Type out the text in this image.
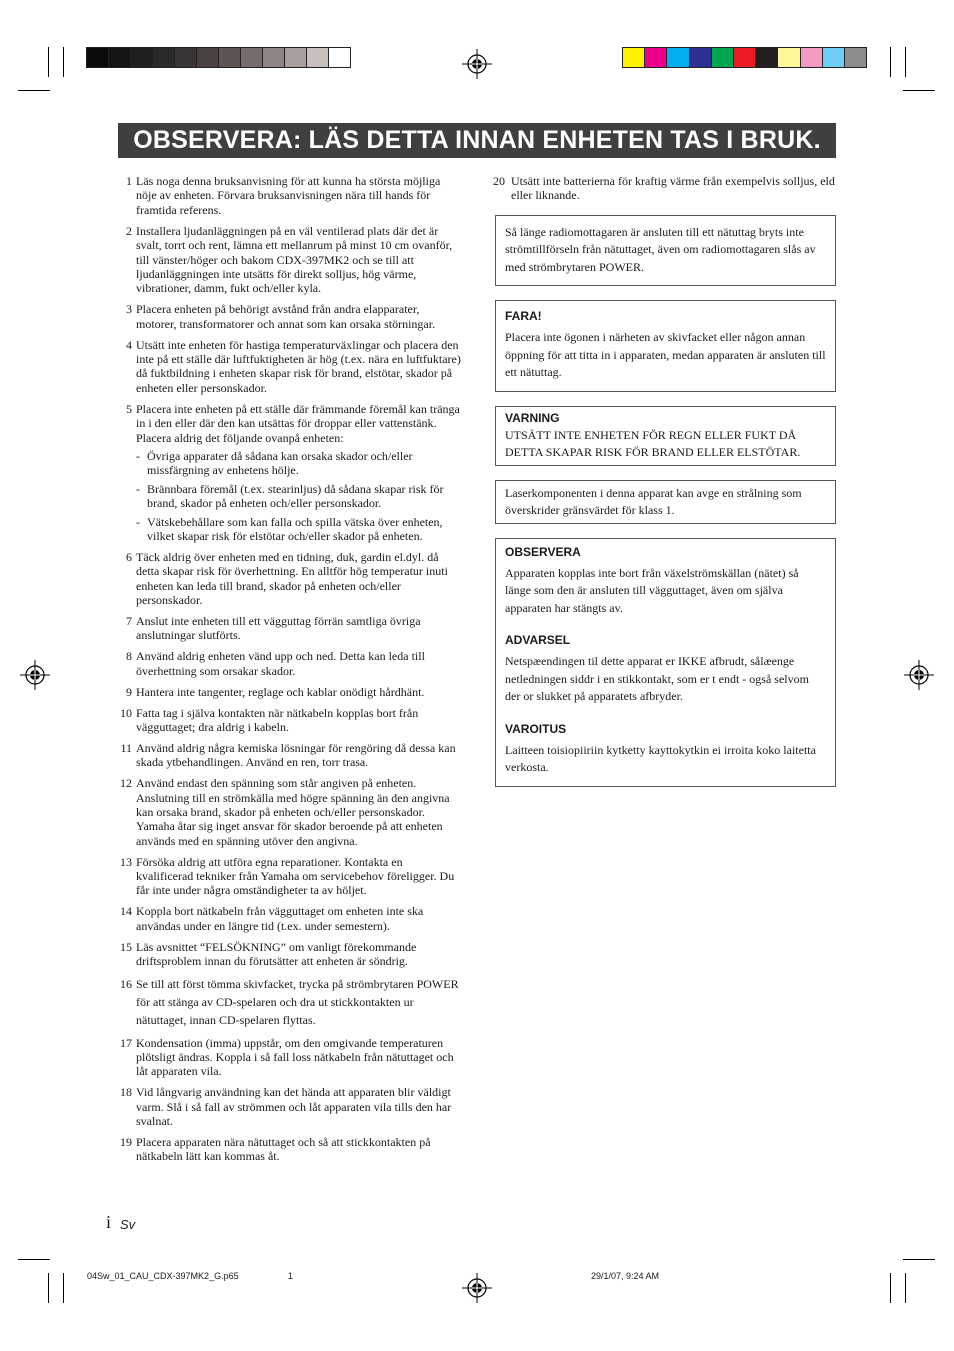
OBSERVERA: LÄS DETTA INNAN ENHETEN TAS I BRUK.
1 Läs noga denna bruksanvisning för att kunna ha största möjliga nöje av enheten. Förvara bruksanvisningen nära till hands för framtida referens.
2 Installera ljudanläggningen på en väl ventilerad plats där det är svalt, torrt och rent, lämna ett mellanrum på minst 10 cm ovanför, till vänster/höger och bakom CDX-397MK2 och se till att ljudanläggningen inte utsätts för direkt solljus, hög värme, vibrationer, damm, fukt och/eller kyla.
3 Placera enheten på behörigt avstånd från andra elapparater, motorer, transformatorer och annat som kan orsaka störningar.
4 Utsätt inte enheten för hastiga temperaturväxlingar och placera den inte på ett ställe där luftfuktigheten är hög (t.ex. nära en luftfuktare) då fuktbildning i enheten skapar risk för brand, elstötar, skador på enheten eller personskador.
5 Placera inte enheten på ett ställe där främmande föremål kan tränga in i den eller där den kan utsättas för droppar eller vattenstänk. Placera aldrig det följande ovanpå enheten:
- Övriga apparater då sådana kan orsaka skador och/eller missfärgning av enhetens hölje.
- Brännbara föremål (t.ex. stearinljus) då sådana skapar risk för brand, skador på enheten och/eller personskador.
- Vätskebehållare som kan falla och spilla vätska över enheten, vilket skapar risk för elstötar och/eller skador på enheten.
6 Täck aldrig över enheten med en tidning, duk, gardin el.dyl. då detta skapar risk för överhettning. En alltför hög temperatur inuti enheten kan leda till brand, skador på enheten och/eller personskador.
7 Anslut inte enheten till ett vägguttag förrän samtliga övriga anslutningar slutförts.
8 Använd aldrig enheten vänd upp och ned. Detta kan leda till överhettning som orsakar skador.
9 Hantera inte tangenter, reglage och kablar onödigt hårdhänt.
10 Fatta tag i själva kontakten när nätkabeln kopplas bort från vägguttaget; dra aldrig i kabeln.
11 Använd aldrig några kemiska lösningar för rengöring då dessa kan skada ytbehandlingen. Använd en ren, torr trasa.
12 Använd endast den spänning som står angiven på enheten. Anslutning till en strömkälla med högre spänning än den angivna kan orsaka brand, skador på enheten och/eller personskador. Yamaha åtar sig inget ansvar för skador beroende på att enheten används med en spänning utöver den angivna.
13 Försöka aldrig att utföra egna reparationer. Kontakta en kvalificerad tekniker från Yamaha om servicebehov föreligger. Du får inte under några omständigheter ta av höljet.
14 Koppla bort nätkabeln från vägguttaget om enheten inte ska användas under en längre tid (t.ex. under semestern).
15 Läs avsnittet “FELSÖKNING” om vanligt förekommande driftsproblem innan du förutsätter att enheten är söndrig.
16 Se till att först tömma skivfacket, trycka på strömbrytaren POWER för att stänga av CD-spelaren och dra ut stickkontakten ur nätuttaget, innan CD-spelaren flyttas.
17 Kondensation (imma) uppstår, om den omgivande temperaturen plötsligt ändras. Koppla i så fall loss nätkabeln från nätuttaget och låt apparaten vila.
18 Vid långvarig användning kan det hända att apparaten blir väldigt varm. Slå i så fall av strömmen och låt apparaten vila tills den har svalnat.
19 Placera apparaten nära nätuttaget och så att stickkontakten på nätkabeln lätt kan kommas åt.
20 Utsätt inte batterierna för kraftig värme från exempelvis solljus, eld eller liknande.

Så länge radiomottagaren är ansluten till ett nätuttag bryts inte strömtillförseln från nätuttaget, även om radiomottagaren slås av med strömbrytaren POWER.

FARA!

Placera inte ögonen i närheten av skivfacket eller någon annan öppning för att titta in i apparaten, medan apparaten är ansluten till ett nätuttag.

VARNING

UTSÄTT INTE ENHETEN FÖR REGN ELLER FUKT DÅ DETTA SKAPAR RISK FÖR BRAND ELLER ELSTÖTAR.

Laserkomponenten i denna apparat kan avge en strålning som överskrider gränsvärdet för klass 1.

OBSERVERA

Apparaten kopplas inte bort från växelströmskällan (nätet) så länge som den är ansluten till vägguttaget, även om själva apparaten har stängts av.

ADVARSEL

Netspæendingen til dette apparat er IKKE afbrudt, sålæenge netledningen siddr i en stikkontakt, som er t endt - også selvom der or slukket på apparatets afbryder.

VAROITUS

Laitteen toisiopiiriin kytketty kayttokytkin ei irroita koko laitetta verkosta.

i Sv
04Sw_01_CAU_CDX-397MK2_G.p65	1	29/1/07, 9:24 AM
